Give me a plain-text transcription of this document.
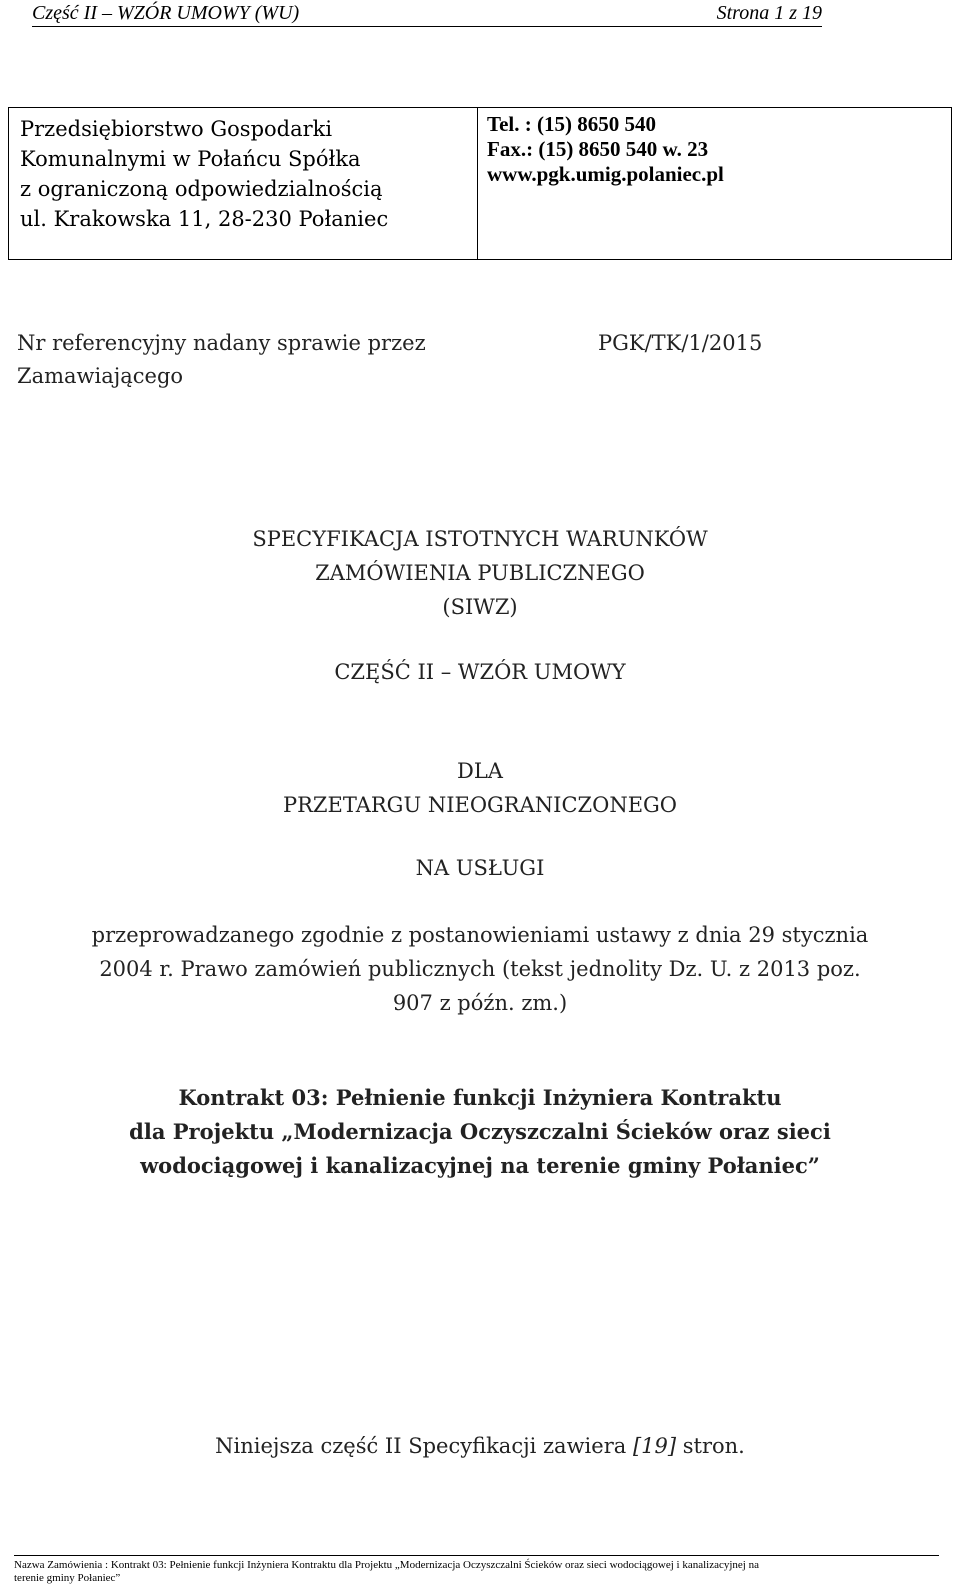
Część II – WZÓR UMOWY (WU)	Strona 1 z 19
Przedsiębiorstwo Gospodarki
Komunalnymi w Połańcu Spółka
z ograniczoną odpowiedzialnością
ul. Krakowska 11, 28-230 Połaniec
Tel. : (15) 8650 540
Fax.: (15) 8650 540 w. 23
www.pgk.umig.polaniec.pl
Nr referencyjny nadany sprawie przez
Zamawiającego
PGK/TK/1/2015
SPECYFIKACJA ISTOTNYCH WARUNKÓW
ZAMÓWIENIA PUBLICZNEGO
(SIWZ)
CZĘŚĆ II – WZÓR UMOWY
DLA
PRZETARGU NIEOGRANICZONEGO
NA USŁUGI
przeprowadzanego zgodnie z postanowieniami ustawy z dnia 29 stycznia
2004 r. Prawo zamówień publicznych (tekst jednolity Dz. U. z 2013 poz.
907 z późn. zm.)
Kontrakt 03: Pełnienie funkcji Inżyniera Kontraktu
dla Projektu „Modernizacja Oczyszczalni Ścieków oraz sieci
wodociągowej i kanalizacyjnej na terenie gminy Połaniec”
Niniejsza część II Specyfikacji zawiera [19] stron.
Nazwa Zamówienia : Kontrakt 03: Pełnienie funkcji Inżyniera Kontraktu dla Projektu „Modernizacja Oczyszczalni Ścieków oraz sieci wodociągowej i kanalizacyjnej na
terenie gminy Połaniec”
